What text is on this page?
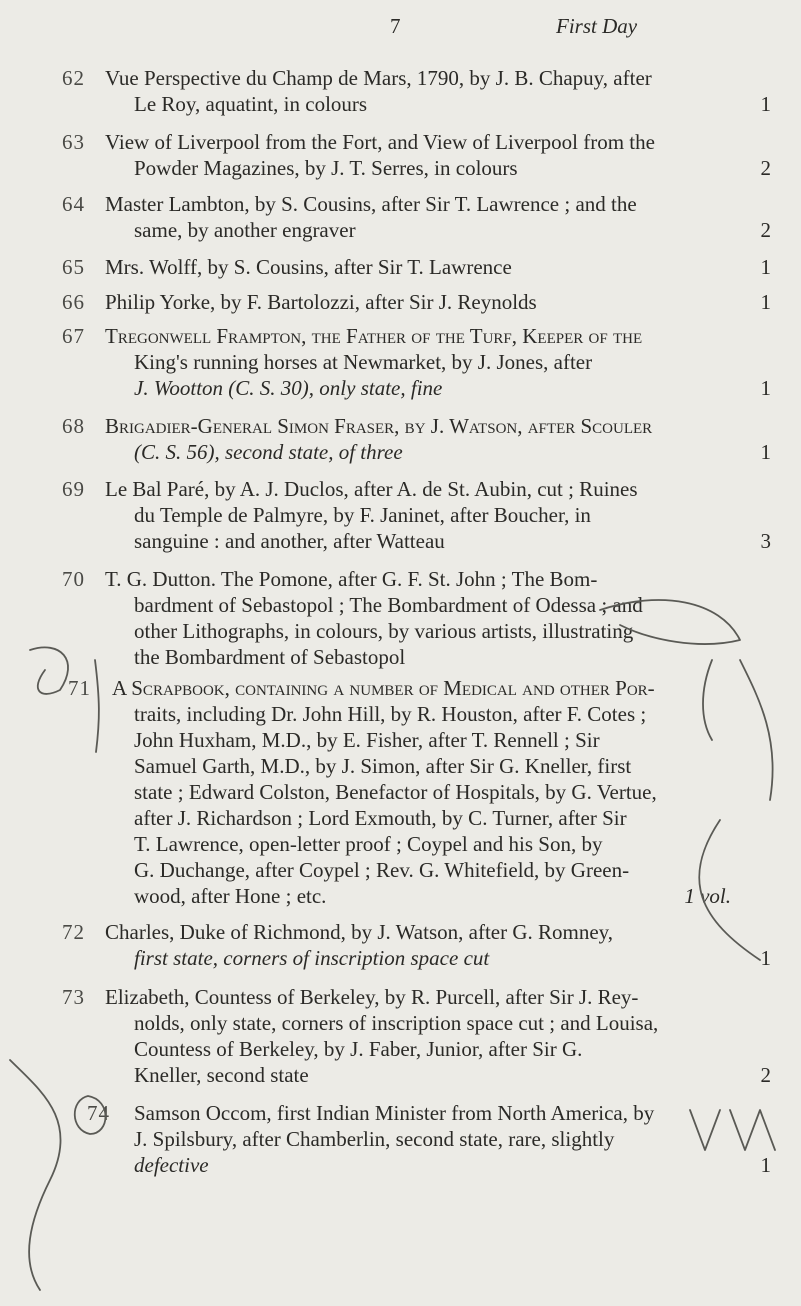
7	First Day
62 Vue Perspective du Champ de Mars, 1790, by J. B. Chapuy, after
Le Roy, aquatint, in colours	1
63 View of Liverpool from the Fort, and View of Liverpool from the
Powder Magazines, by J. T. Serres, in colours	2
64 Master Lambton, by S. Cousins, after Sir T. Lawrence ; and the
same, by another engraver	2
65 Mrs. Wolff, by S. Cousins, after Sir T. Lawrence	1
66 Philip Yorke, by F. Bartolozzi, after Sir J. Reynolds	1
67 Tregonwell Frampton, the Father of the Turf, Keeper of the
King's running horses at Newmarket, by J. Jones, after
J. Wootton (C. S. 30), only state, fine	1
68 Brigadier-General Simon Fraser, by J. Watson, after Scouler
(C. S. 56), second state, of three	1
69 Le Bal Paré, by A. J. Duclos, after A. de St. Aubin, cut ; Ruines
du Temple de Palmyre, by F. Janinet, after Boucher, in
sanguine : and another, after Watteau	3
70 T. G. Dutton. The Pomone, after G. F. St. John ; The Bom-
bardment of Sebastopol ; The Bombardment of Odessa ; and
other Lithographs, in colours, by various artists, illustrating
the Bombardment of Sebastopol
71 A Scrapbook, containing a number of Medical and other Por-
traits, including Dr. John Hill, by R. Houston, after F. Cotes ;
John Huxham, M.D., by E. Fisher, after T. Rennell ; Sir
Samuel Garth, M.D., by J. Simon, after Sir G. Kneller, first
state ; Edward Colston, Benefactor of Hospitals, by G. Vertue,
after J. Richardson ; Lord Exmouth, by C. Turner, after Sir
T. Lawrence, open-letter proof ; Coypel and his Son, by
G. Duchange, after Coypel ; Rev. G. Whitefield, by Green-
wood, after Hone ; etc.	1 vol.
72 Charles, Duke of Richmond, by J. Watson, after G. Romney,
first state, corners of inscription space cut	1
73 Elizabeth, Countess of Berkeley, by R. Purcell, after Sir J. Rey-
nolds, only state, corners of inscription space cut ; and Louisa,
Countess of Berkeley, by J. Faber, Junior, after Sir G.
Kneller, second state	2
74 Samson Occom, first Indian Minister from North America, by
J. Spilsbury, after Chamberlin, second state, rare, slightly
defective	1
